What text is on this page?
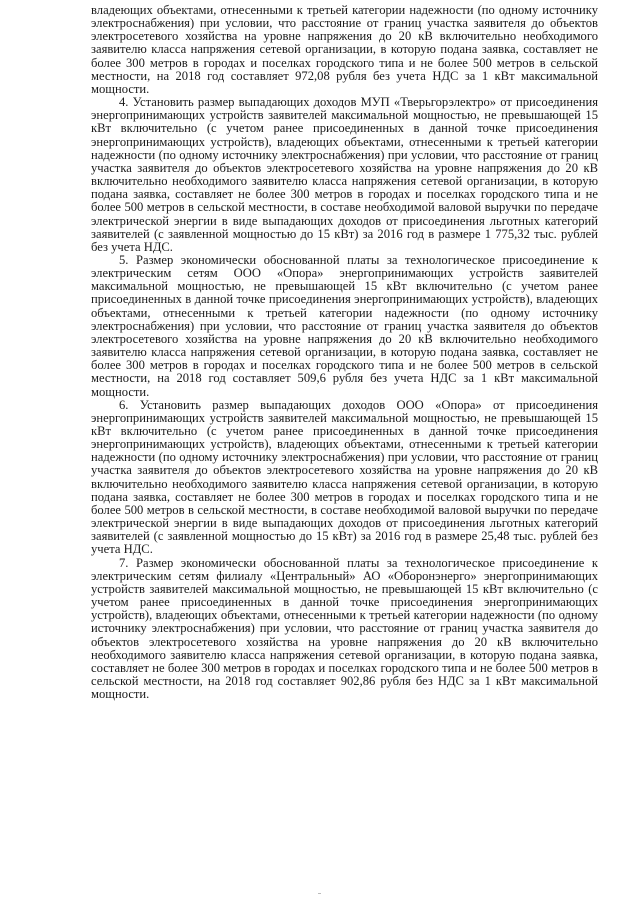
владеющих объектами, отнесенными к третьей категории надежности (по одному источнику электроснабжения) при условии, что расстояние от границ участка заявителя до объектов электросетевого хозяйства на уровне напряжения до 20 кВ включительно необходимого заявителю класса напряжения сетевой организации, в которую подана заявка, составляет не более 300 метров в городах и поселках городского типа и не более 500 метров в сельской местности, на 2018 год составляет 972,08 рубля без учета НДС за 1 кВт максимальной мощности.

4. Установить размер выпадающих доходов МУП «Тверьгорэлектро» от присоединения энергопринимающих устройств заявителей максимальной мощностью, не превышающей 15 кВт включительно (с учетом ранее присоединенных в данной точке присоединения энергопринимающих устройств), владеющих объектами, отнесенными к третьей категории надежности (по одному источнику электроснабжения) при условии, что расстояние от границ участка заявителя до объектов электросетевого хозяйства на уровне напряжения до 20 кВ включительно необходимого заявителю класса напряжения сетевой организации, в которую подана заявка, составляет не более 300 метров в городах и поселках городского типа и не более 500 метров в сельской местности, в составе необходимой валовой выручки по передаче электрической энергии в виде выпадающих доходов от присоединения льготных категорий заявителей (с заявленной мощностью до 15 кВт) за 2016 год в размере 1 775,32 тыс. рублей без учета НДС.

5. Размер экономически обоснованной платы за технологическое присоединение к электрическим сетям ООО «Опора» энергопринимающих устройств заявителей максимальной мощностью, не превышающей 15 кВт включительно (с учетом ранее присоединенных в данной точке присоединения энергопринимающих устройств), владеющих объектами, отнесенными к третьей категории надежности (по одному источнику электроснабжения) при условии, что расстояние от границ участка заявителя до объектов электросетевого хозяйства на уровне напряжения до 20 кВ включительно необходимого заявителю класса напряжения сетевой организации, в которую подана заявка, составляет не более 300 метров в городах и поселках городского типа и не более 500 метров в сельской местности, на 2018 год составляет 509,6 рубля без учета НДС за 1 кВт максимальной мощности.

6. Установить размер выпадающих доходов ООО «Опора» от присоединения энергопринимающих устройств заявителей максимальной мощностью, не превышающей 15 кВт включительно (с учетом ранее присоединенных в данной точке присоединения энергопринимающих устройств), владеющих объектами, отнесенными к третьей категории надежности (по одному источнику электроснабжения) при условии, что расстояние от границ участка заявителя до объектов электросетевого хозяйства на уровне напряжения до 20 кВ включительно необходимого заявителю класса напряжения сетевой организации, в которую подана заявка, составляет не более 300 метров в городах и поселках городского типа и не более 500 метров в сельской местности, в составе необходимой валовой выручки по передаче электрической энергии в виде выпадающих доходов от присоединения льготных категорий заявителей (с заявленной мощностью до 15 кВт) за 2016 год в размере 25,48 тыс. рублей без учета НДС.

7. Размер экономически обоснованной платы за технологическое присоединение к электрическим сетям филиалу «Центральный» АО «Оборонэнерго» энергопринимающих устройств заявителей максимальной мощностью, не превышающей 15 кВт включительно (с учетом ранее присоединенных в данной точке присоединения энергопринимающих устройств), владеющих объектами, отнесенными к третьей категории надежности (по одному источнику электроснабжения) при условии, что расстояние от границ участка заявителя до объектов электросетевого хозяйства на уровне напряжения до 20 кВ включительно необходимого заявителю класса напряжения сетевой организации, в которую подана заявка, составляет не более 300 метров в городах и поселках городского типа и не более 500 метров в сельской местности, на 2018 год составляет 902,86 рубля без НДС за 1 кВт максимальной мощности.
